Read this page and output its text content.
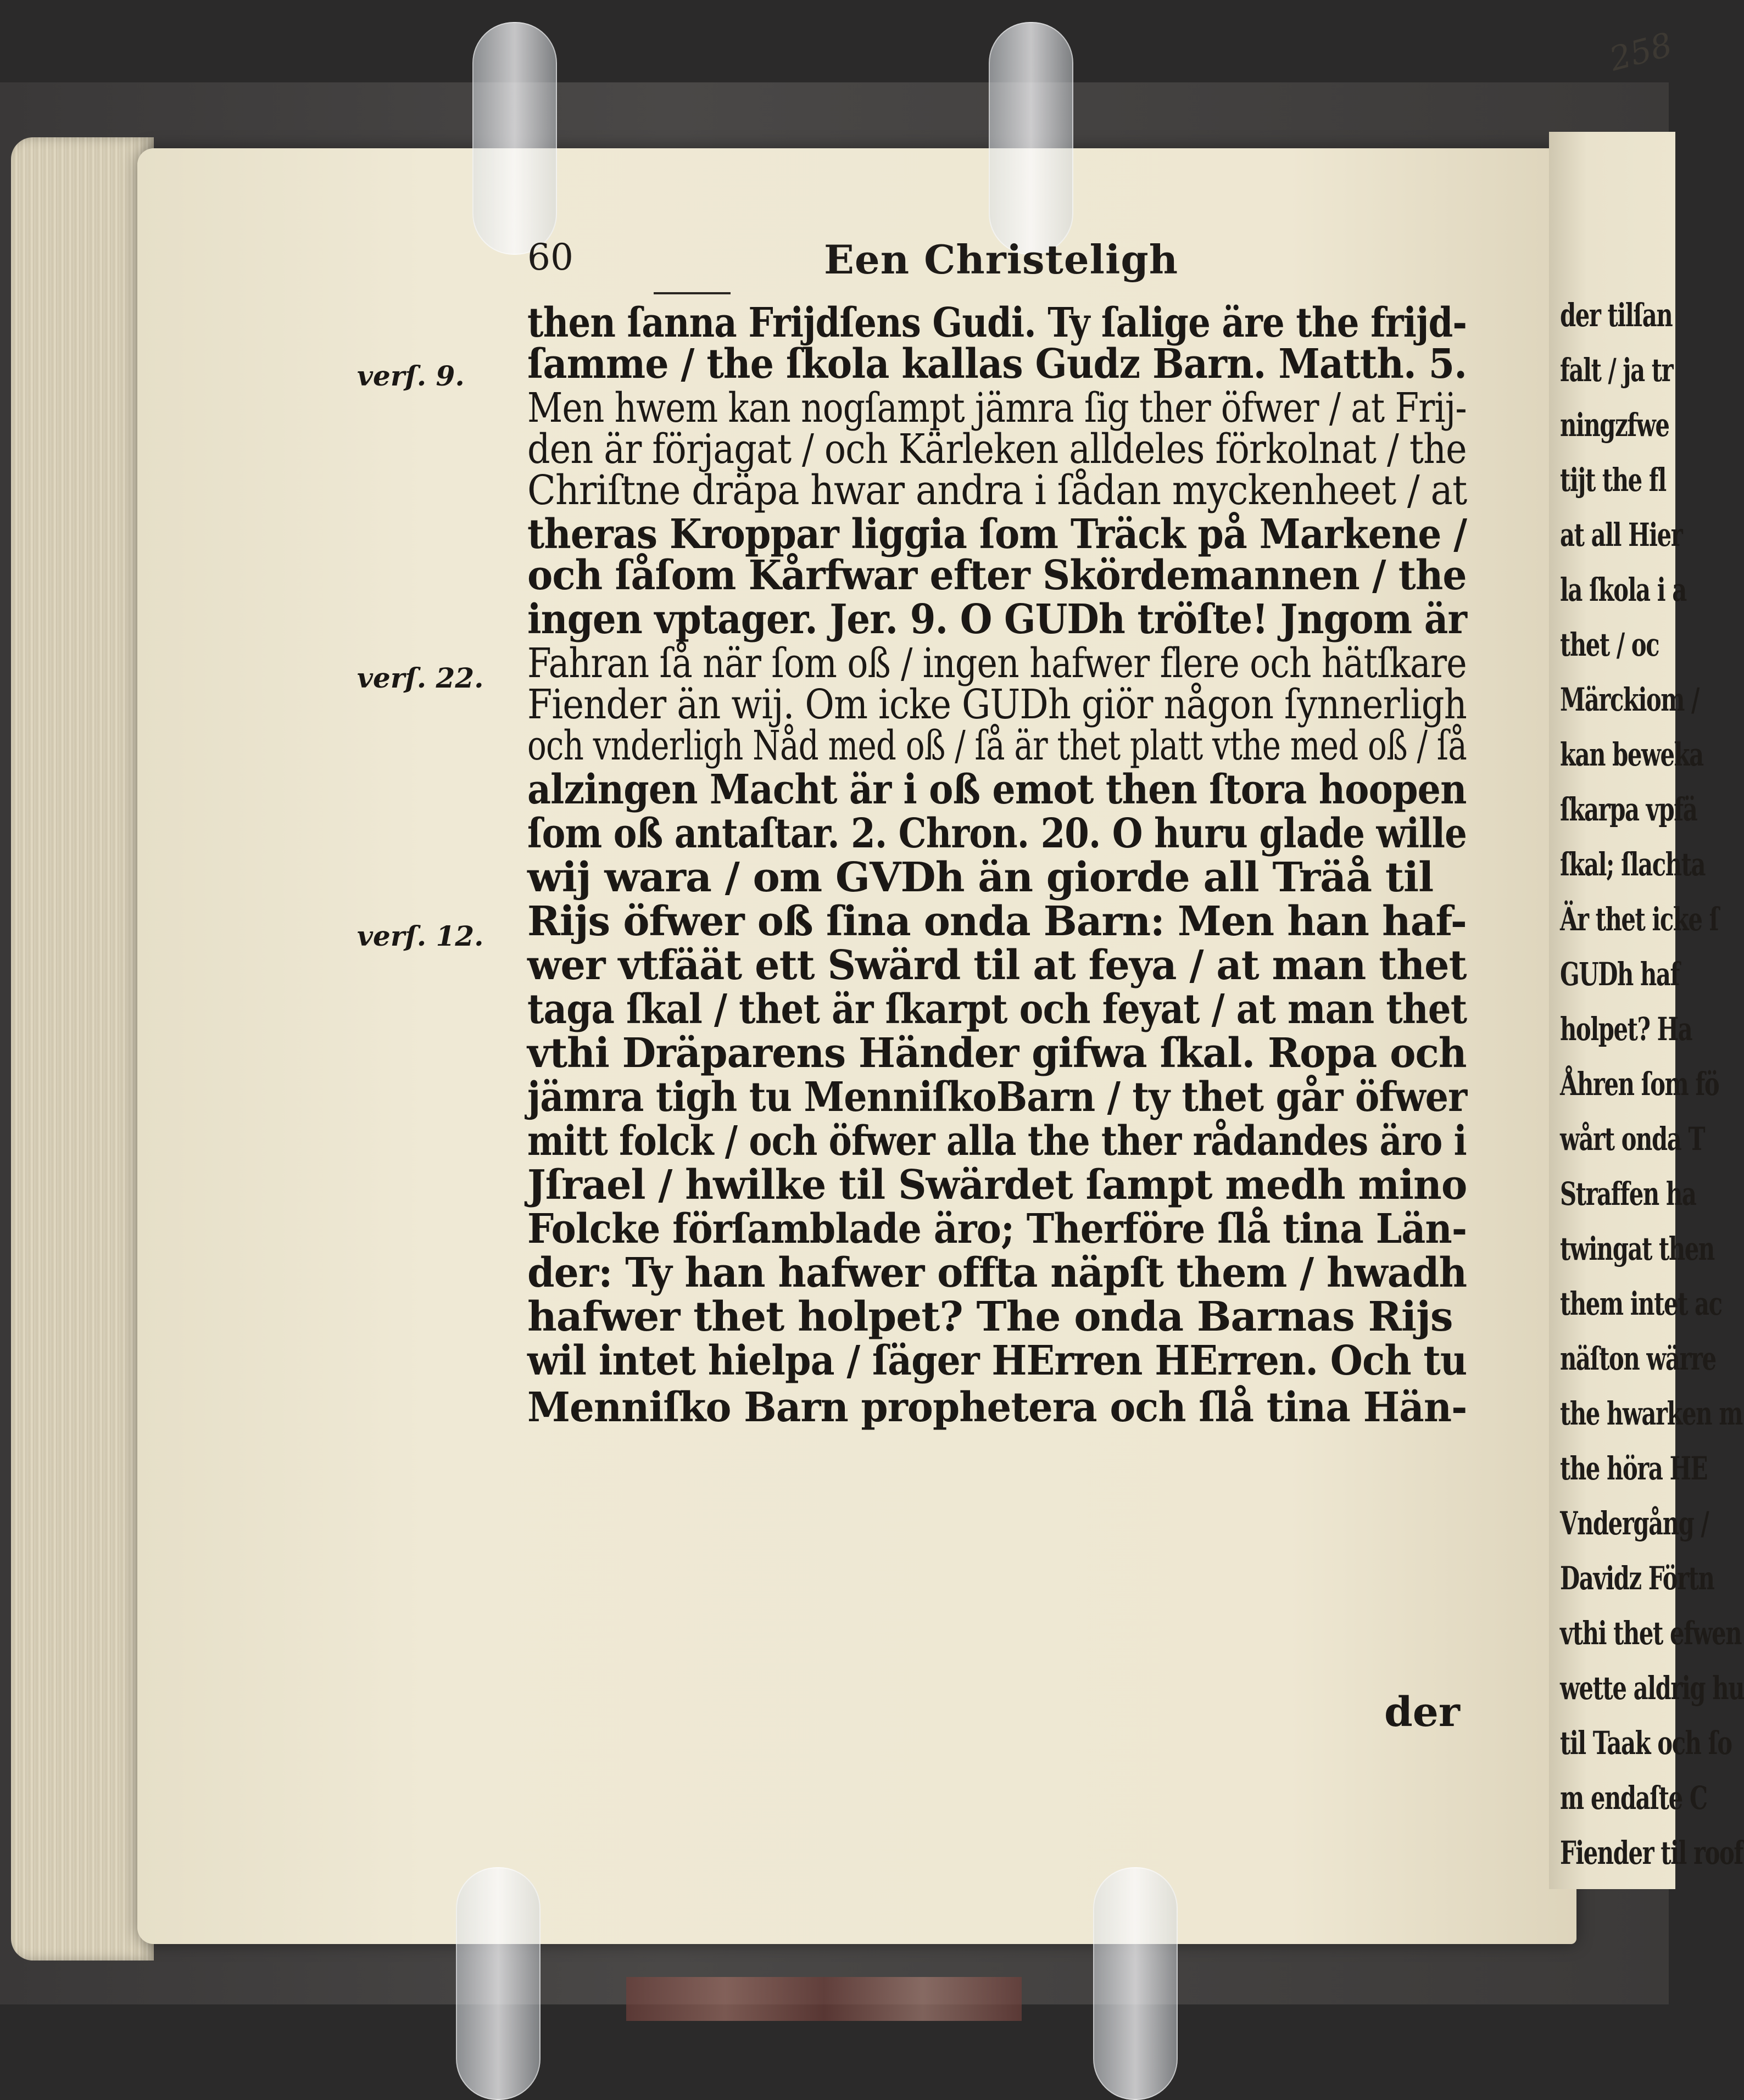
der tilſan
falt / ja tr
ningzfwe
tijt the fl
at all Hier
la ſkola i a
thet / oc
Märckiom /
kan beweka
ſkarpa vpfä
ſkal; ſlachta
Är thet icke ſ
GUDh haf
holpet? Ha
Åhren ſom fö
wårt onda T
Straffen ha
twingat then
them intet ac
näſton wärre
the hwarken m
the höra HE
Vndergång /
Davidz Förtn
vthi thet efwen
wette aldrig hu
til Taak och ſo
m endaſte C
Fiender til roof
258
60	Een Christeligh
verſ. 9.
verſ. 22.
verſ. 12.
then ſanna Frijdſens Gudi. Ty ſalige äre the frijd-
ſamme / the ſkola kallas Gudz Barn. Matth. 5.
Men hwem kan nogſampt jämra ſig ther öfwer / at Frij-
den är förjagat / och Kärleken alldeles förkolnat / the
Chriſtne dräpa hwar andra i ſådan myckenheet / at
theras Kroppar liggia ſom Träck på Markene /
och ſåſom Kårfwar efter Skördemannen / the
ingen vptager. Jer. 9. O GUDh tröſte! Jngom är
Fahran ſå när ſom oß / ingen hafwer flere och hätſkare
Fiender än wij. Om icke GUDh giör någon ſynnerligh
och vnderligh Nåd med oß / ſå är thet platt vthe med oß / ſå
alzingen Macht är i oß emot then ſtora hoopen
ſom oß antaſtar. 2. Chron. 20. O huru glade wille
wij wara / om GVDh än giorde all Träå til
Rijs öfwer oß ſina onda Barn: Men han haf-
wer vtfäät ett Swärd til at feya / at man thet
taga ſkal / thet är ſkarpt och feyat / at man thet
vthi Dräparens Händer gifwa ſkal. Ropa och
jämra tigh tu MenniſkoBarn / ty thet går öfwer
mitt folck / och öfwer alla the ther rådandes äro i
Jſrael / hwilke til Swärdet ſampt medh mino
Folcke förſamblade äro; Therföre ſlå tina Län-
der: Ty han hafwer offta näpſt them / hwadh
hafwer thet holpet? The onda Barnas Rijs
wil intet hielpa / ſäger HErren HErren. Och tu
Menniſko Barn prophetera och ſlå tina Hän-
der
